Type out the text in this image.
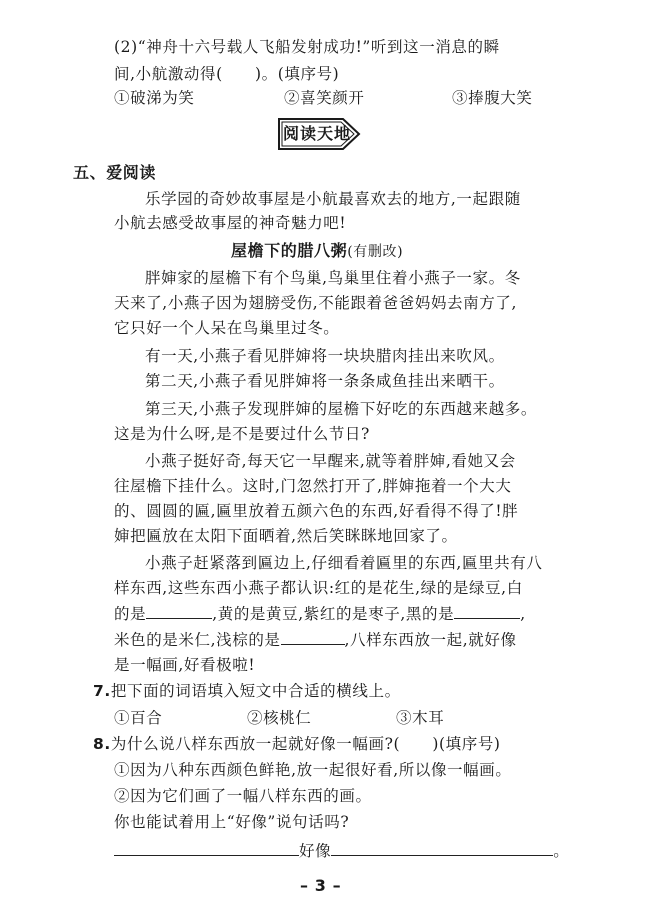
(2)“神舟十六号载人飞船发射成功!”听到这一消息的瞬
间,小航激动得(　　)。(填序号)
①破涕为笑	②喜笑颜开	③捧腹大笑
阅读天地
五、爱阅读
乐学园的奇妙故事屋是小航最喜欢去的地方,一起跟随
小航去感受故事屋的神奇魅力吧!
屋檐下的腊八粥(有删改)
胖婶家的屋檐下有个鸟巢,鸟巢里住着小燕子一家。冬
天来了,小燕子因为翅膀受伤,不能跟着爸爸妈妈去南方了,
它只好一个人呆在鸟巢里过冬。
有一天,小燕子看见胖婶将一块块腊肉挂出来吹风。
第二天,小燕子看见胖婶将一条条咸鱼挂出来晒干。
第三天,小燕子发现胖婶的屋檐下好吃的东西越来越多。
这是为什么呀,是不是要过什么节日?
小燕子挺好奇,每天它一早醒来,就等着胖婶,看她又会
往屋檐下挂什么。这时,门忽然打开了,胖婶拖着一个大大
的、圆圆的匾,匾里放着五颜六色的东西,好看得不得了!胖
婶把匾放在太阳下面晒着,然后笑眯眯地回家了。
小燕子赶紧落到匾边上,仔细看着匾里的东西,匾里共有八
样东西,这些东西小燕子都认识:红的是花生,绿的是绿豆,白
的是	,黄的是黄豆,紫红的是枣子,黑的是	,
米色的是米仁,浅棕的是	,八样东西放一起,就好像
是一幅画,好看极啦!
7.把下面的词语填入短文中合适的横线上。
①百合	②核桃仁	③木耳
8.为什么说八样东西放一起就好像一幅画?(　　)(填序号)
①因为八种东西颜色鲜艳,放一起很好看,所以像一幅画。
②因为它们画了一幅八样东西的画。
你也能试着用上“好像”说句话吗?
好像	。
– 3 –
